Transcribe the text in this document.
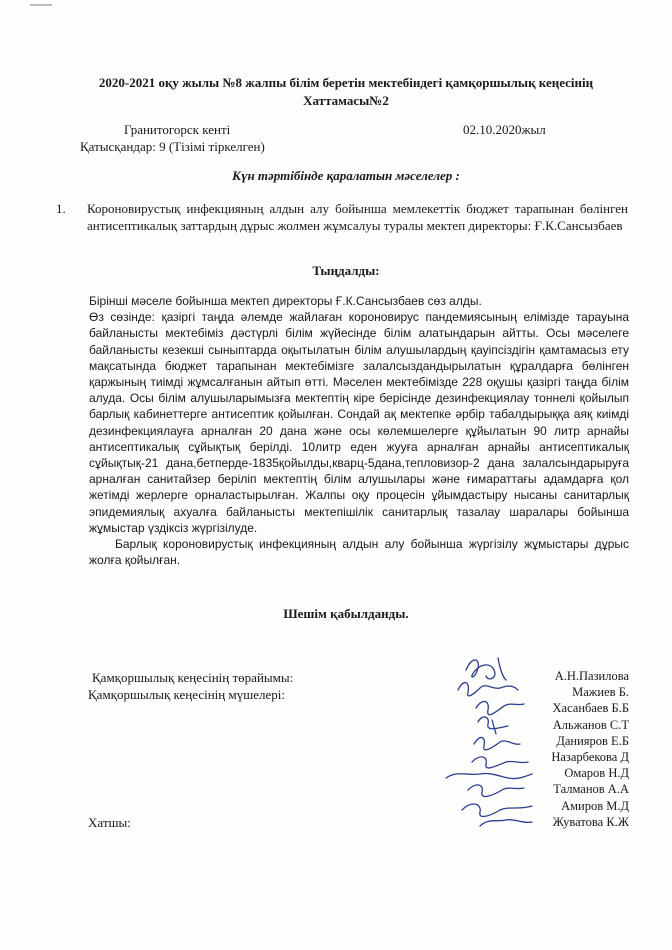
2020-2021 оқу жылы №8 жалпы білім беретін мектебіндегі қамқоршылық кеңесінің Хаттамасы№2
Гранитогорск кенті	02.10.2020жыл
Қатысқандар: 9 (Тізімі тіркелген)
Күн тәртібінде қаралатын мәселелер :
1.	Короновирустық инфекцияның алдын алу бойынша мемлекеттік бюджет тарапынан бөлінген антисептикалық заттардың дұрыс жолмен жұмсалуы туралы мектеп директоры: Ғ.К.Сансызбаев
Тыңдалды:

Бірінші мәселе бойынша мектеп директоры Ғ.К.Сансызбаев сөз алды.

Өз сөзінде: қазіргі таңда әлемде жайлаған короновирус пандемиясының елімізде тарауына байланысты мектебіміз дәстүрлі білім жүйесінде білім алатындарын айтты. Осы мәселеге байланысты кезекші сыныптарда оқытылатын білім алушылардың қауіпсіздігін қамтамасыз ету мақсатында бюджет тарапынан мектебімізге залалсыздандырылатын құралдарға бөлінген қаржының тиімді жұмсалғанын айтып өтті. Мәселен мектебімізде 228 оқушы қазіргі таңда білім алуда. Осы білім алушыларымызға мектептің кіре берісінде дезинфекциялау тоннелі қойылып барлық кабинеттерге антисептик қойылған. Сондай ақ мектепке әрбір табалдырыққа аяқ киімді дезинфекциялауға арналған 20 дана және осы көлемшелерге құйылатын 90 литр арнайы антисептикалық сұйықтық берілді. 10литр еден жууға арналған арнайы антисептикалық сұйықтық-21 дана,бетперде-1835қойылды,кварц-5дана,тепловизор-2 дана залалсындарыруға арналған санитайзер беріліп мектептің білім алушылары және ғимараттағы адамдарға қол жетімді жерлерге орналастырылған. Жалпы оқу процесін ұйымдастыру нысаны санитарлық эпидемиялық ахуалға байланысты мектепішілік санитарлық тазалау шаралары бойынша жұмыстар үздіксіз жүргізілуде.

Барлық короновирустық инфекцияның алдын алу бойынша жүргізілу жұмыстары дұрыс жолға қойылған.

Шешім қабылданды.
Қамқоршылық кеңесінің төрайымы:
Қамқоршылық кеңесінің мүшелері:
Хатшы:
А.Н.Пазилова
Мажиев Б.
Хасанбаев Б.Б
Альжанов С.Т
Данияров Е.Б
Назарбекова Д
Омаров Н.Д
Талманов А.А
Амиров М.Д
Жуватова К.Ж
